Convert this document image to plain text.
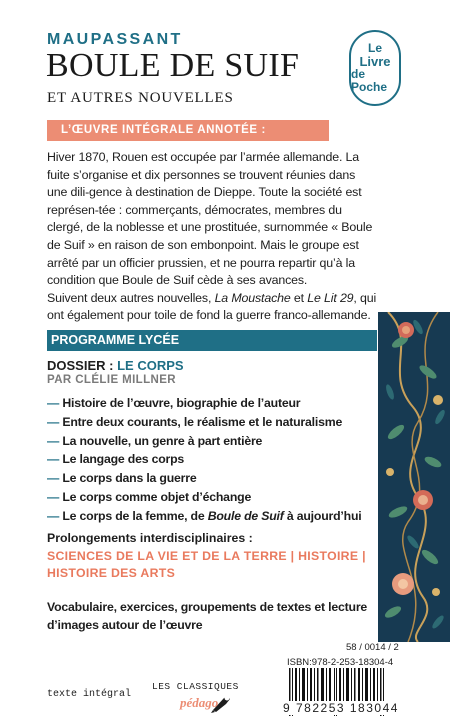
MAUPASSANT
BOULE DE SUIF
ET AUTRES NOUVELLES
Le
Livre
de Poche
L’ŒUVRE INTÉGRALE ANNOTÉE :

Hiver 1870, Rouen est occupée par l’armée allemande. La fuite s’organise et dix personnes se trouvent réunies dans une dili-gence à destination de Dieppe. Toute la société est représen-tée : commerçants, démocrates, membres du clergé, de la noblesse et une prostituée, surnommée « Boule de Suif » en raison de son embonpoint. Mais le groupe est arrêté par un officier prussien, et ne pourra repartir qu’à la condition que Boule de Suif cède à ses avances.

Suivent deux autres nouvelles, La Moustache et Le Lit 29, qui ont également pour toile de fond la guerre franco-allemande.

PROGRAMME LYCÉE
DOSSIER : LE CORPS
PAR CLÉLIE MILLNER
— Histoire de l’œuvre, biographie de l’auteur
— Entre deux courants, le réalisme et le naturalisme
— La nouvelle, un genre à part entière
— Le langage des corps
— Le corps dans la guerre
— Le corps comme objet d’échange
— Le corps de la femme, de Boule de Suif à aujourd’hui
Prolongements interdisciplinaires :
SCIENCES DE LA VIE ET DE LA TERRE | HISTOIRE |
HISTOIRE DES ARTS
Vocabulaire, exercices, groupements de textes et lecture d’images autour de l’œuvre
58 / 0014 / 2
ISBN:978-2-253-18304-4
texte intégral
LES CLASSIQUES
pédago	9 782253 183044
